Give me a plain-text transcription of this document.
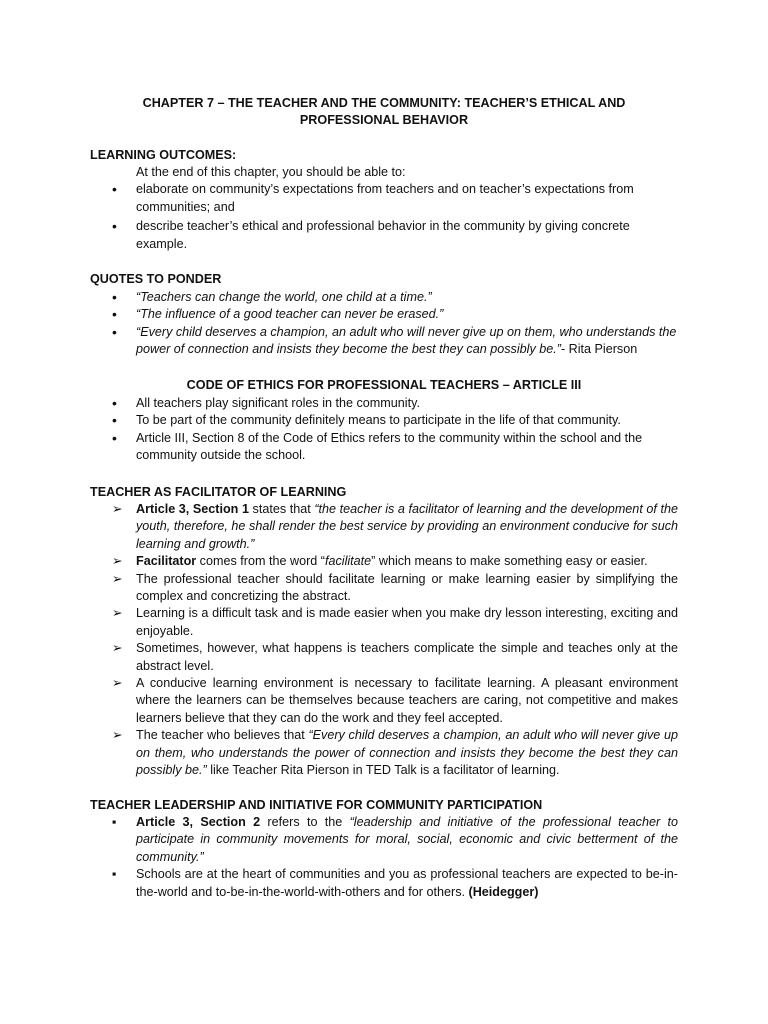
CHAPTER 7 – THE TEACHER AND THE COMMUNITY: TEACHER’S ETHICAL AND
PROFESSIONAL BEHAVIOR
LEARNING OUTCOMES:
At the end of this chapter, you should be able to:
• elaborate on community’s expectations from teachers and on teacher’s expectations from communities; and
• describe teacher’s ethical and professional behavior in the community by giving concrete example.
QUOTES TO PONDER
• “Teachers can change the world, one child at a time.”
• “The influence of a good teacher can never be erased.”
• “Every child deserves a champion, an adult who will never give up on them, who understands the power of connection and insists they become the best they can possibly be.”- Rita Pierson
CODE OF ETHICS FOR PROFESSIONAL TEACHERS – ARTICLE III
• All teachers play significant roles in the community.
• To be part of the community definitely means to participate in the life of that community.
• Article III, Section 8 of the Code of Ethics refers to the community within the school and the community outside the school.
TEACHER AS FACILITATOR OF LEARNING
➢ Article 3, Section 1 states that “the teacher is a facilitator of learning and the development of the youth, therefore, he shall render the best service by providing an environment conducive for such learning and growth.”
➢ Facilitator comes from the word “facilitate” which means to make something easy or easier.
➢ The professional teacher should facilitate learning or make learning easier by simplifying the complex and concretizing the abstract.
➢ Learning is a difficult task and is made easier when you make dry lesson interesting, exciting and enjoyable.
➢ Sometimes, however, what happens is teachers complicate the simple and teaches only at the abstract level.
➢ A conducive learning environment is necessary to facilitate learning. A pleasant environment where the learners can be themselves because teachers are caring, not competitive and makes learners believe that they can do the work and they feel accepted.
➢ The teacher who believes that “Every child deserves a champion, an adult who will never give up on them, who understands the power of connection and insists they become the best they can possibly be.” like Teacher Rita Pierson in TED Talk is a facilitator of learning.
TEACHER LEADERSHIP AND INITIATIVE FOR COMMUNITY PARTICIPATION
▪ Article 3, Section 2 refers to the “leadership and initiative of the professional teacher to participate in community movements for moral, social, economic and civic betterment of the community.”
▪ Schools are at the heart of communities and you as professional teachers are expected to be-in-the-world and to-be-in-the-world-with-others and for others. (Heidegger)
